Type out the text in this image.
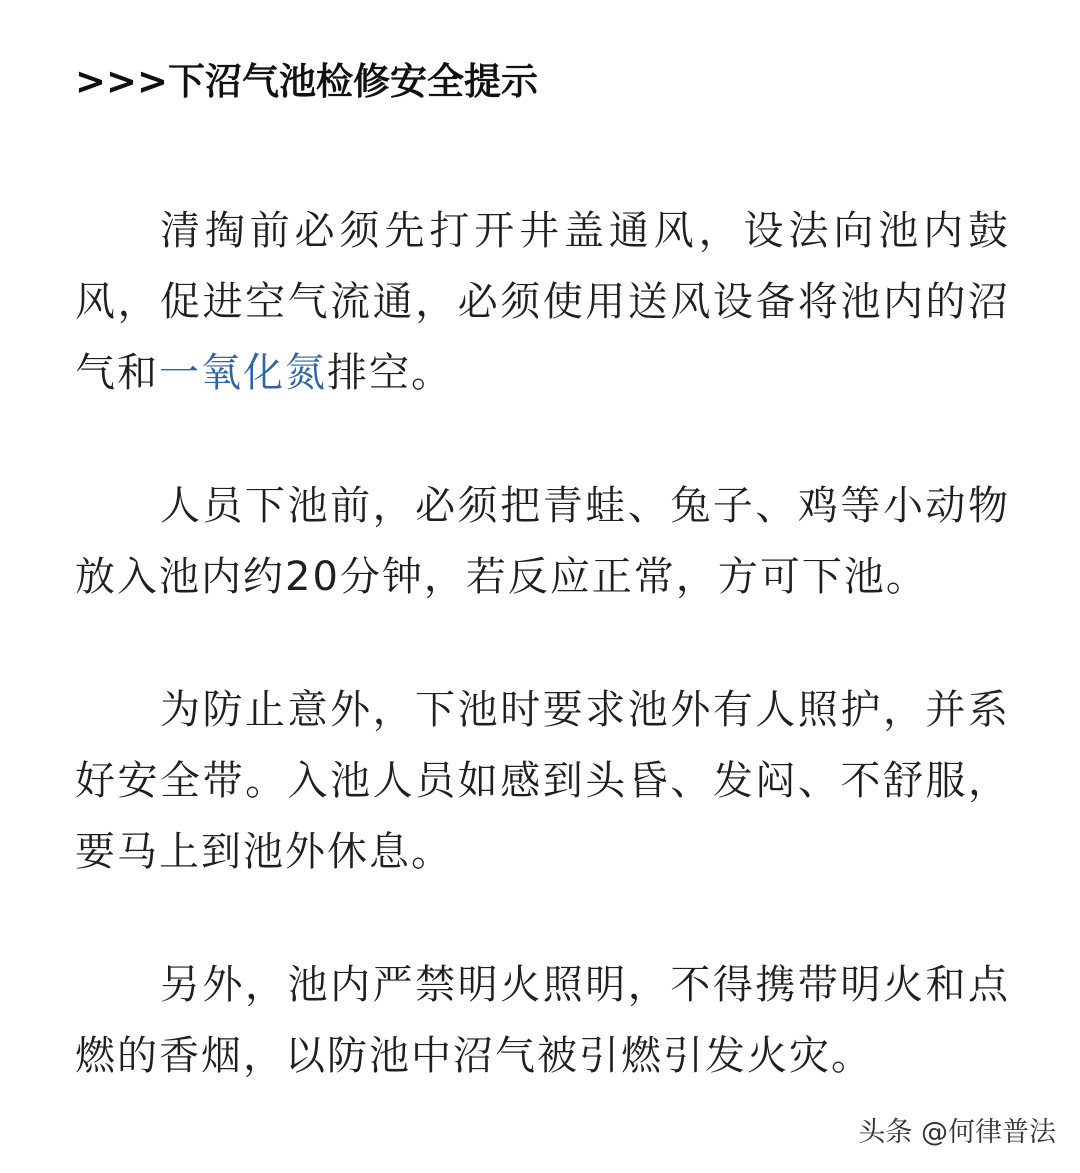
>>>下沼气池检修安全提示

清掏前必须先打开井盖通风，设法向池内鼓风，促进空气流通，必须使用送风设备将池内的沼气和一氧化氮排空。

人员下池前，必须把青蛙、兔子、鸡等小动物放入池内约20分钟，若反应正常，方可下池。

为防止意外，下池时要求池外有人照护，并系好安全带。入池人员如感到头昏、发闷、不舒服，要马上到池外休息。

另外，池内严禁明火照明，不得携带明火和点燃的香烟，以防池中沼气被引燃引发火灾。

头条 @何律普法
